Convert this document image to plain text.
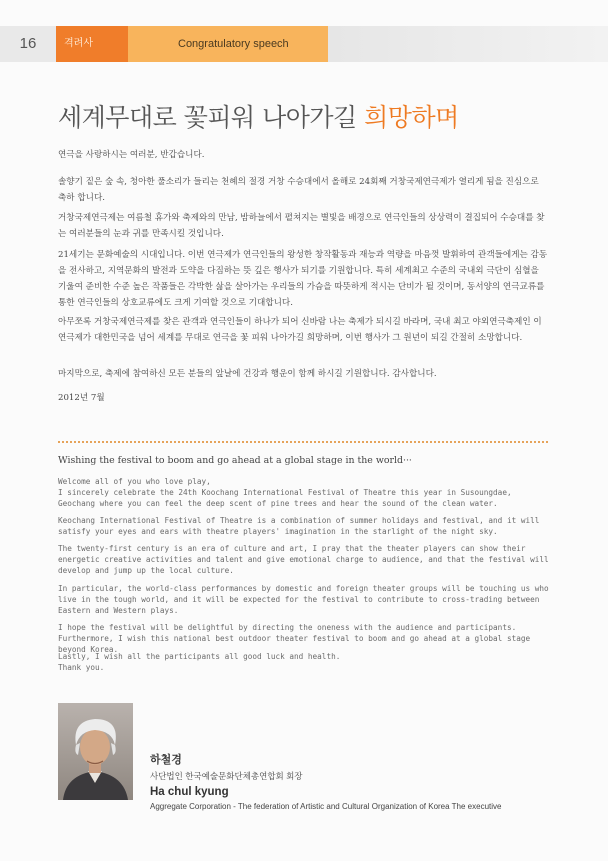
16	격려사	Congratulatory speech
세계무대로 꽃피워 나아가길 희망하며
연극을 사랑하시는 여러분, 반갑습니다.
솔향기 짙은 숲 속, 청아한 풀소리가 들리는 천혜의 절경 거창 수승대에서 올해로 24회째 거창국제연극제가 열리게 됨을 진심으로 축하 합니다.
거창국제연극제는 여름철 휴가와 축제와의 만남, 밤하늘에서 펼쳐지는 별빛을 배경으로 연극인들의 상상력이 결집되어 수승대를 찾는 여러분들의 눈과 귀를 만족시킬 것입니다.
21세기는 문화예술의 시대입니다. 이번 연극제가 연극인들의 왕성한 창작활동과 재능과 역량을 마음껏 발휘하여 관객들에게는 감동을 전사하고, 지역문화의 발전과 도약을 다짐하는 뜻 깊은 행사가 되기를 기원합니다. 특히 세계최고 수준의 국내외 극단이 심혈을 기울여 준비한 수준 높은 작품들은 각박한 삶을 살아가는 우리들의 가슴을 따뜻하게 적시는 단비가 될 것이며, 동서양의 연극교류를 통한 연극인들의 상호교류에도 크게 기여할 것으로 기대합니다.
아무쪼록 거창국제연극제를 찾은 관객과 연극인들이 하나가 되어 신바람 나는 축제가 되시길 바라며, 국내 최고 야외연극축제인 이 연극제가 대한민국을 넘어 세계를 무대로 연극을 꽃 피워 나아가길 희망하며, 이번 행사가 그 원년이 되길 간절히 소망합니다.
마지막으로, 축제에 참여하신 모든 분들의 앞날에 건강과 행운이 함께 하시길 기원합니다. 감사합니다.
2012년 7월
Wishing the festival to boom and go ahead at a global stage in the world···
Welcome all of you who love play,
I sincerely celebrate the 24th Koochang International Festival of Theatre this year in Susoungdae, Geochang where you can feel the deep scent of pine trees and hear the sound of the clean water.
Keochang International Festival of Theatre is a combination of summer holidays and festival, and it will satisfy your eyes and ears with theatre players' imagination in the starlight of the night sky.
The twenty-first century is an era of culture and art, I pray that the theater players can show their energetic creative activities and talent and give emotional charge to audience, and that the festival will develop and jump up the local culture.
In particular, the world-class performances by domestic and foreign theater groups will be touching us who live in the tough world, and it will be expected for the festival to contribute to cross-trading between Eastern and Western plays.
I hope the festival will be delightful by directing the oneness with the audience and participants. Furthermore, I wish this national best outdoor theater festival to boom and go ahead at a global stage beyond Korea.
Lastly, I wish all the participants all good luck and health.
Thank you.
하철경
사단법인 한국예술문화단체총연합회 회장
Ha chul kyung
Aggregate Corporation - The federation of Artistic and Cultural Organization of Korea The executive
